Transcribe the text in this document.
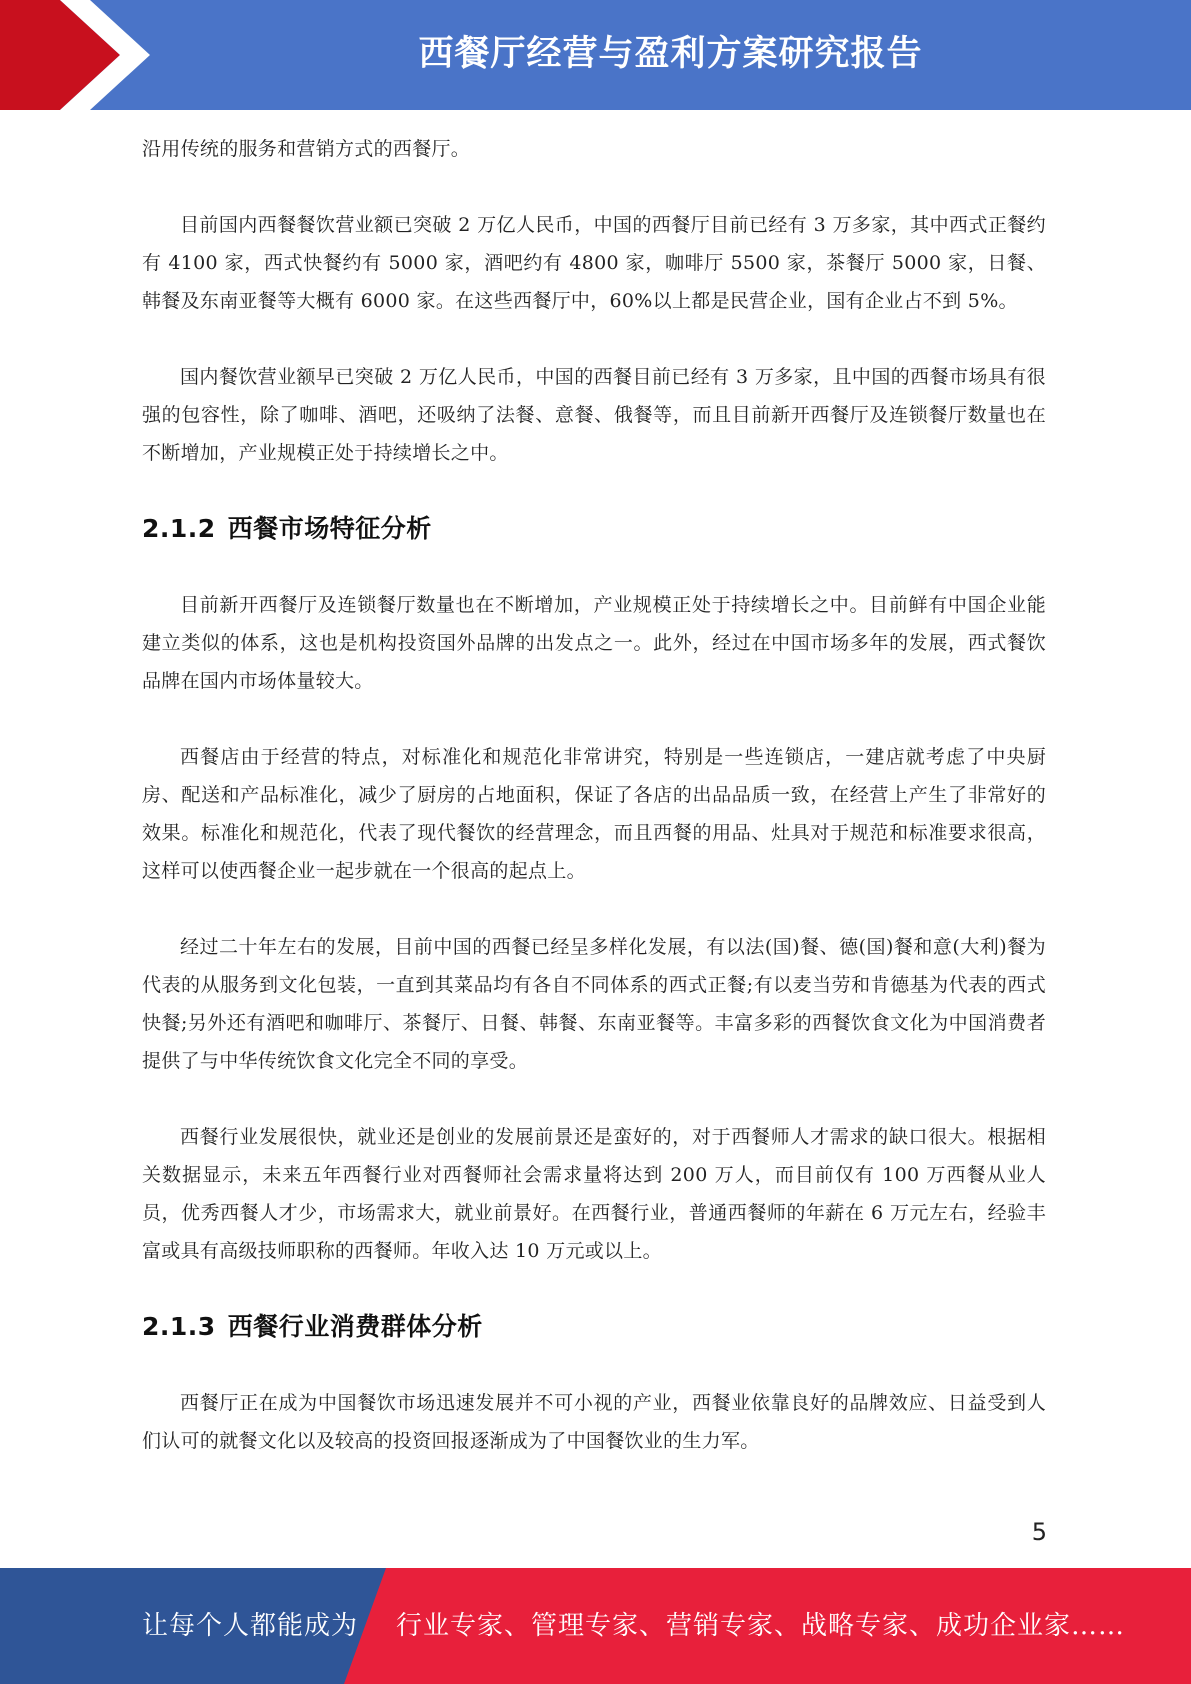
西餐厅经营与盈利方案研究报告

沿用传统的服务和营销方式的西餐厅。

目前国内西餐餐饮营业额已突破 2 万亿人民币，中国的西餐厅目前已经有 3 万多家，其中西式正餐约有 4100 家，西式快餐约有 5000 家，酒吧约有 4800 家，咖啡厅 5500 家，茶餐厅 5000 家，日餐、韩餐及东南亚餐等大概有 6000 家。在这些西餐厅中，60%以上都是民营企业，国有企业占不到 5%。

国内餐饮营业额早已突破 2 万亿人民币，中国的西餐目前已经有 3 万多家，且中国的西餐市场具有很强的包容性，除了咖啡、酒吧，还吸纳了法餐、意餐、俄餐等，而且目前新开西餐厅及连锁餐厅数量也在不断增加，产业规模正处于持续增长之中。

2.1.2 西餐市场特征分析

目前新开西餐厅及连锁餐厅数量也在不断增加，产业规模正处于持续增长之中。目前鲜有中国企业能建立类似的体系，这也是机构投资国外品牌的出发点之一。此外，经过在中国市场多年的发展，西式餐饮品牌在国内市场体量较大。

西餐店由于经营的特点，对标准化和规范化非常讲究，特别是一些连锁店，一建店就考虑了中央厨房、配送和产品标准化，减少了厨房的占地面积，保证了各店的出品品质一致，在经营上产生了非常好的效果。标准化和规范化，代表了现代餐饮的经营理念，而且西餐的用品、灶具对于规范和标准要求很高，这样可以使西餐企业一起步就在一个很高的起点上。

经过二十年左右的发展，目前中国的西餐已经呈多样化发展，有以法(国)餐、德(国)餐和意(大利)餐为代表的从服务到文化包装，一直到其菜品均有各自不同体系的西式正餐;有以麦当劳和肯德基为代表的西式快餐;另外还有酒吧和咖啡厅、茶餐厅、日餐、韩餐、东南亚餐等。丰富多彩的西餐饮食文化为中国消费者提供了与中华传统饮食文化完全不同的享受。

西餐行业发展很快，就业还是创业的发展前景还是蛮好的，对于西餐师人才需求的缺口很大。根据相关数据显示，未来五年西餐行业对西餐师社会需求量将达到 200 万人，而目前仅有 100 万西餐从业人员，优秀西餐人才少，市场需求大，就业前景好。在西餐行业，普通西餐师的年薪在 6 万元左右，经验丰富或具有高级技师职称的西餐师。年收入达 10 万元或以上。

2.1.3 西餐行业消费群体分析

西餐厅正在成为中国餐饮市场迅速发展并不可小视的产业，西餐业依靠良好的品牌效应、日益受到人们认可的就餐文化以及较高的投资回报逐渐成为了中国餐饮业的生力军。

5
让每个人都能成为 行业专家、管理专家、营销专家、战略专家、成功企业家……
